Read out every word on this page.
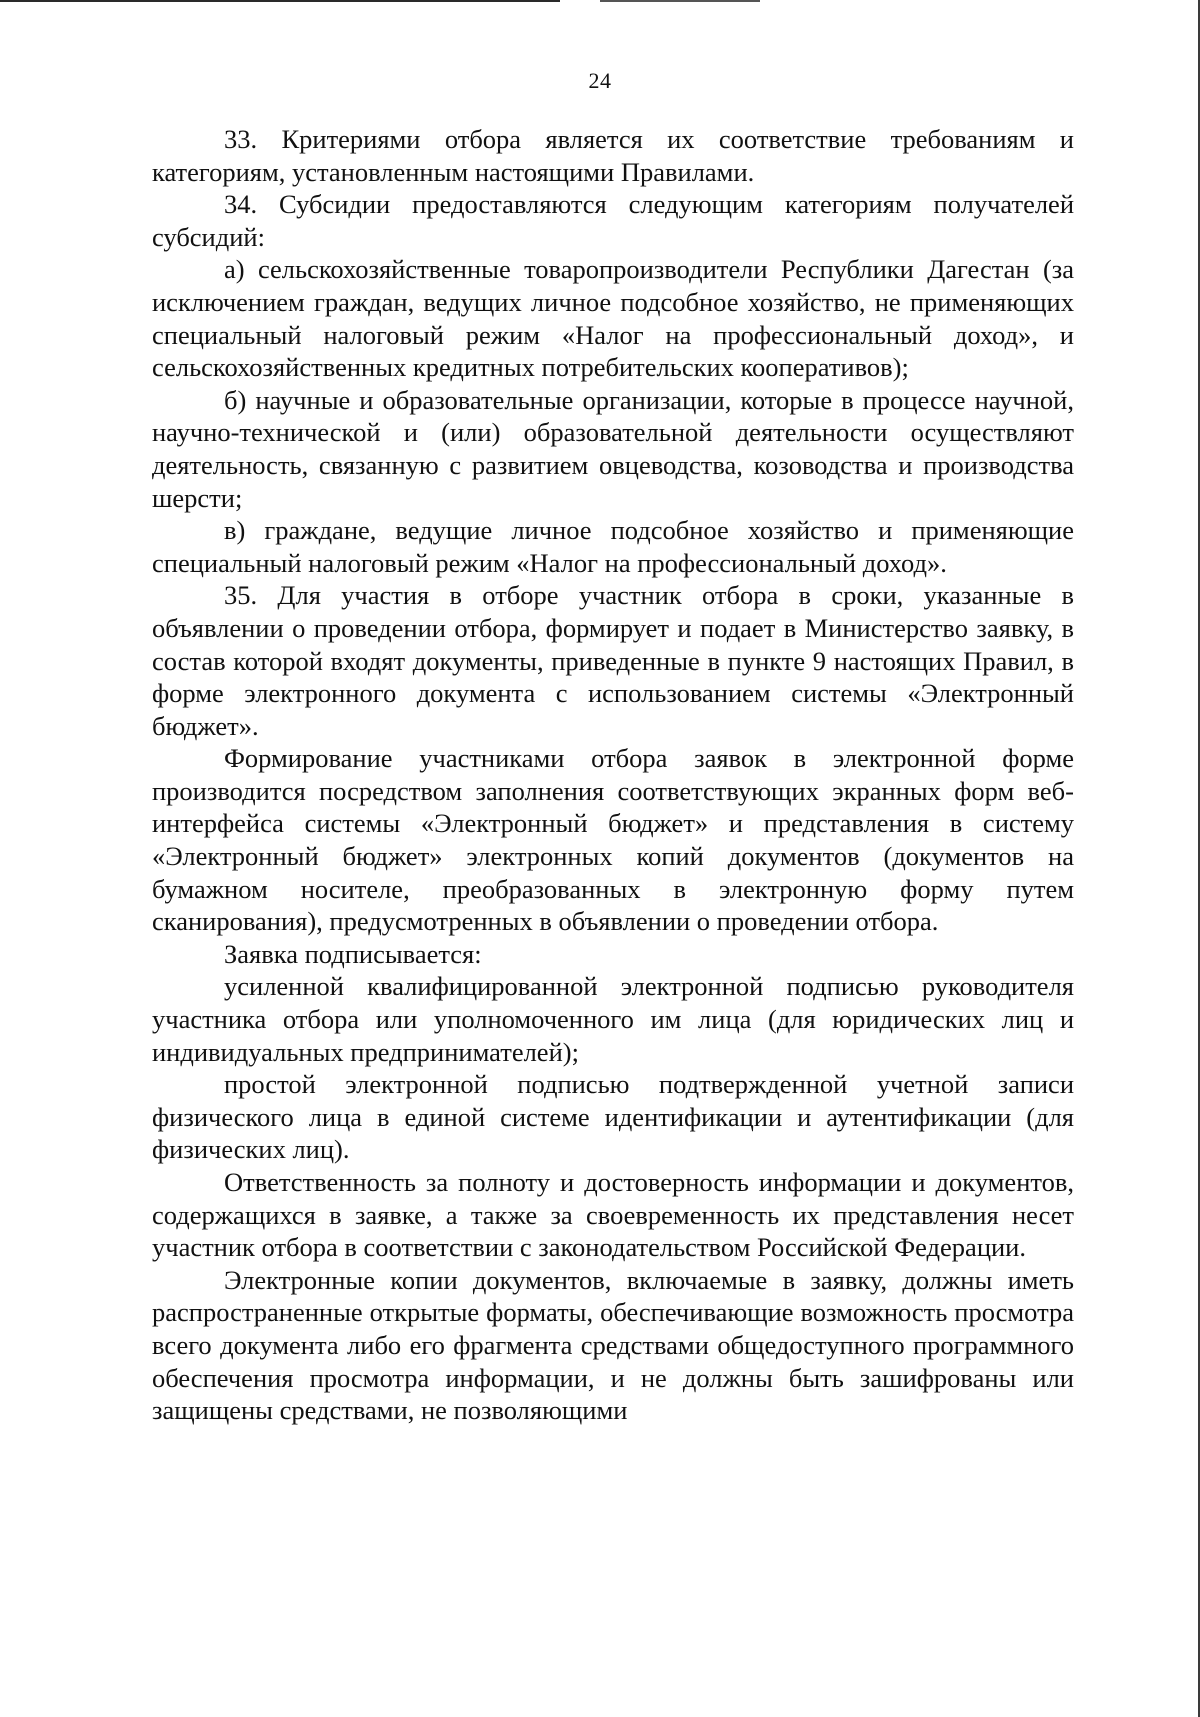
24

33. Критериями отбора является их соответствие требованиям и категориям, установленным настоящими Правилами.

34. Субсидии предоставляются следующим категориям получателей субсидий:

а) сельскохозяйственные товаропроизводители Республики Дагестан (за исключением граждан, ведущих личное подсобное хозяйство, не применяющих специальный налоговый режим «Налог на профессиональный доход», и сельскохозяйственных кредитных потребительских кооперативов);

б) научные и образовательные организации, которые в процессе научной, научно-технической и (или) образовательной деятельности осуществляют деятельность, связанную с развитием овцеводства, козоводства и производства шерсти;

в) граждане, ведущие личное подсобное хозяйство и применяющие специальный налоговый режим «Налог на профессиональный доход».

35. Для участия в отборе участник отбора в сроки, указанные в объявлении о проведении отбора, формирует и подает в Министерство заявку, в состав которой входят документы, приведенные в пункте 9 настоящих Правил, в форме электронного документа с использованием системы «Электронный бюджет».

Формирование участниками отбора заявок в электронной форме производится посредством заполнения соответствующих экранных форм веб-интерфейса системы «Электронный бюджет» и представления в систему «Электронный бюджет» электронных копий документов (документов на бумажном носителе, преобразованных в электронную форму путем сканирования), предусмотренных в объявлении о проведении отбора.

Заявка подписывается:

усиленной квалифицированной электронной подписью руководителя участника отбора или уполномоченного им лица (для юридических лиц и индивидуальных предпринимателей);

простой электронной подписью подтвержденной учетной записи физического лица в единой системе идентификации и аутентификации (для физических лиц).

Ответственность за полноту и достоверность информации и документов, содержащихся в заявке, а также за своевременность их представления несет участник отбора в соответствии с законодательством Российской Федерации.

Электронные копии документов, включаемые в заявку, должны иметь распространенные открытые форматы, обеспечивающие возможность просмотра всего документа либо его фрагмента средствами общедоступного программного обеспечения просмотра информации, и не должны быть зашифрованы или защищены средствами, не позволяющими
